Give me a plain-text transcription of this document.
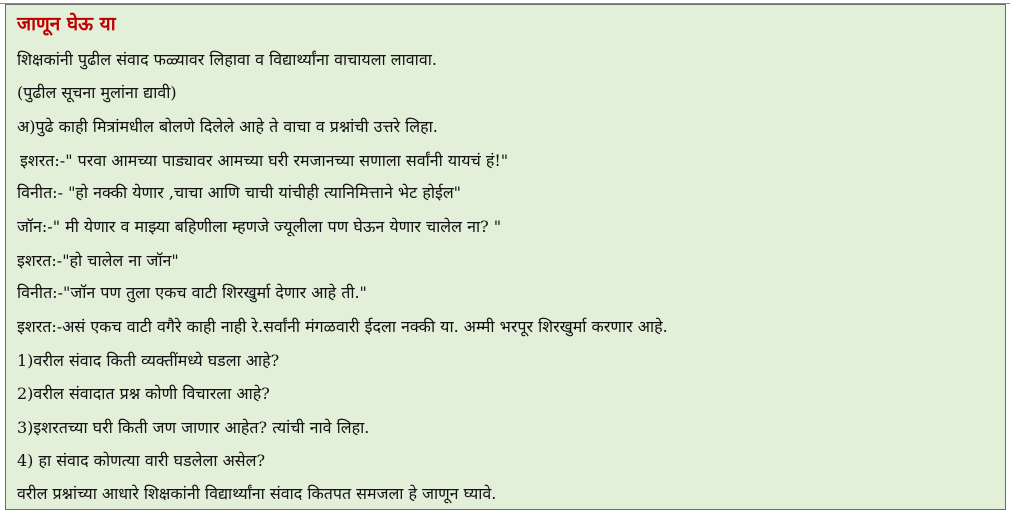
जाणून घेऊ या
शिक्षकांनी पुढील संवाद फळ्यावर लिहावा व विद्यार्थ्यांना वाचायला लावावा.
(पुढील सूचना मुलांना द्यावी)
अ)पुढे काही मित्रांमधील बोलणे दिलेले आहे ते वाचा व प्रश्नांची उत्तरे लिहा.
इशरत:-" परवा आमच्या पाड्यावर आमच्या घरी रमजानच्या सणाला सर्वांनी यायचं हं!"
विनीत:- "हो नक्की येणार ,चाचा आणि चाची यांचीही त्यानिमित्ताने भेट होईल"
जॉन:-" मी येणार व माझ्या बहिणीला म्हणजे ज्यूलीला पण घेऊन येणार चालेल ना? "
इशरत:-"हो चालेल ना जॉन"
विनीत:-"जॉन पण तुला एकच वाटी शिरखुर्मा देणार आहे ती."
इशरत:-असं एकच वाटी वगैरे काही नाही रे.सर्वांनी मंगळवारी ईदला नक्की या. अम्मी भरपूर शिरखुर्मा करणार आहे.
1)वरील संवाद किती व्यक्तींमध्ये घडला आहे?
2)वरील संवादात प्रश्न कोणी विचारला आहे?
3)इशरतच्या घरी किती जण जाणार आहेत? त्यांची नावे लिहा.
4) हा संवाद कोणत्या वारी घडलेला असेल?
वरील प्रश्नांच्या आधारे शिक्षकांनी विद्यार्थ्यांना संवाद कितपत समजला हे जाणून घ्यावे.
